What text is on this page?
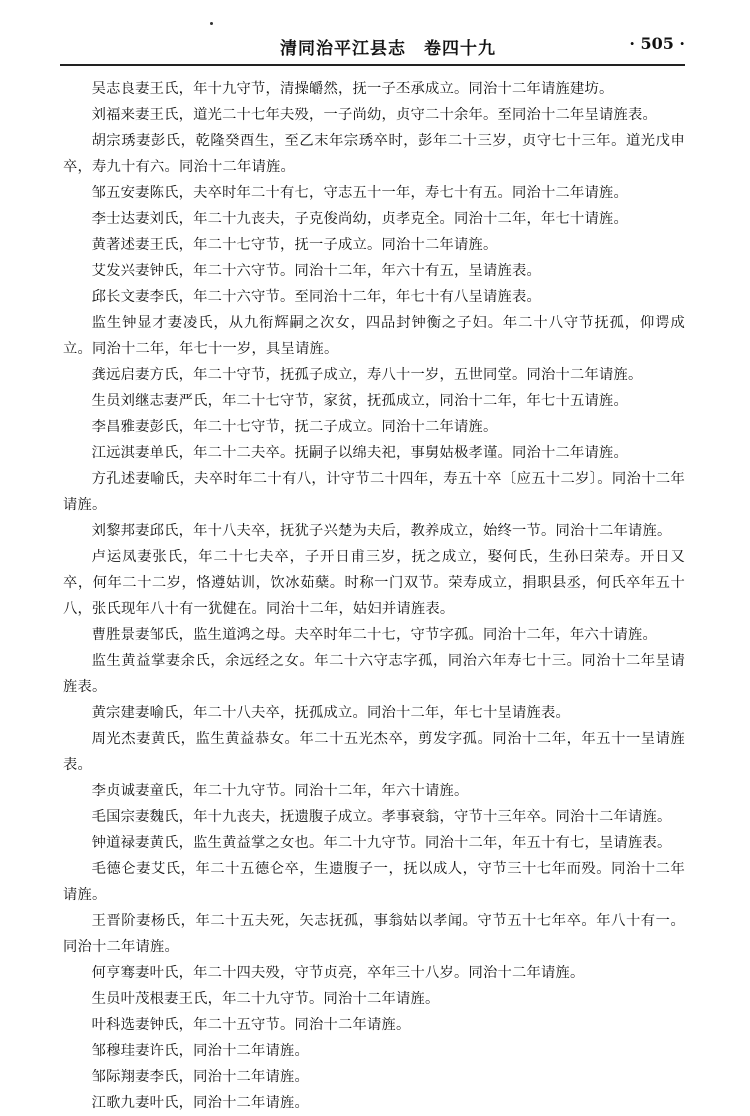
清同治平江县志　卷四十九	· 505 ·

吴志良妻王氏，年十九守节，清操皭然，抚一子丕承成立。同治十二年请旌建坊。

刘福来妻王氏，道光二十七年夫殁，一子尚幼，贞守二十余年。至同治十二年呈请旌表。

胡宗琇妻彭氏，乾隆癸酉生，至乙末年宗琇卒时，彭年二十三岁，贞守七十三年。道光戊申卒，寿九十有六。同治十二年请旌。

邹五安妻陈氏，夫卒时年二十有七，守志五十一年，寿七十有五。同治十二年请旌。

李士达妻刘氏，年二十九丧夫，子克俊尚幼，贞孝克全。同治十二年，年七十请旌。

黄著述妻王氏，年二十七守节，抚一子成立。同治十二年请旌。

艾发兴妻钟氏，年二十六守节。同治十二年，年六十有五，呈请旌表。

邱长文妻李氏，年二十六守节。至同治十二年，年七十有八呈请旌表。

监生钟显才妻凌氏，从九衔辉嗣之次女，四品封钟衡之子妇。年二十八守节抚孤，仰谔成立。同治十二年，年七十一岁，具呈请旌。

龚远启妻方氏，年二十守节，抚孤子成立，寿八十一岁，五世同堂。同治十二年请旌。

生员刘继志妻严氏，年二十七守节，家贫，抚孤成立，同治十二年，年七十五请旌。

李昌雅妻彭氏，年二十七守节，抚二子成立。同治十二年请旌。

江远淇妻单氏，年二十二夫卒。抚嗣子以绵夫祀，事舅姑极孝谨。同治十二年请旌。

方孔述妻喻氏，夫卒时年二十有八，计守节二十四年，寿五十卒〔应五十二岁〕。同治十二年请旌。

刘黎邦妻邱氏，年十八夫卒，抚犹子兴楚为夫后，教养成立，始终一节。同治十二年请旌。

卢运凤妻张氏，年二十七夫卒，子开日甫三岁，抚之成立，娶何氏，生孙曰荣寿。开日又卒，何年二十二岁，恪遵姑训，饮冰茹蘖。时称一门双节。荣寿成立，捐职县丞，何氏卒年五十八，张氏现年八十有一犹健在。同治十二年，姑妇并请旌表。

曹胜景妻邹氏，监生道鸿之母。夫卒时年二十七，守节字孤。同治十二年，年六十请旌。

监生黄益掌妻余氏，余远经之女。年二十六守志字孤，同治六年寿七十三。同治十二年呈请旌表。

黄宗建妻喻氏，年二十八夫卒，抚孤成立。同治十二年，年七十呈请旌表。

周光杰妻黄氏，监生黄益恭女。年二十五光杰卒，剪发字孤。同治十二年，年五十一呈请旌表。

李贞诚妻童氏，年二十九守节。同治十二年，年六十请旌。

毛国宗妻魏氏，年十九丧夫，抚遗腹子成立。孝事衰翁，守节十三年卒。同治十二年请旌。

钟道禄妻黄氏，监生黄益掌之女也。年二十九守节。同治十二年，年五十有七，呈请旌表。

毛德仑妻艾氏，年二十五德仑卒，生遗腹子一，抚以成人，守节三十七年而殁。同治十二年请旌。

王晋阶妻杨氏，年二十五夫死，矢志抚孤，事翁姑以孝闻。守节五十七年卒。年八十有一。同治十二年请旌。

何亨骞妻叶氏，年二十四夫殁，守节贞亮，卒年三十八岁。同治十二年请旌。

生员叶茂根妻王氏，年二十九守节。同治十二年请旌。

叶科选妻钟氏，年二十五守节。同治十二年请旌。

邹穆珪妻许氏，同治十二年请旌。

邹际翔妻李氏，同治十二年请旌。

江歌九妻叶氏，同治十二年请旌。
